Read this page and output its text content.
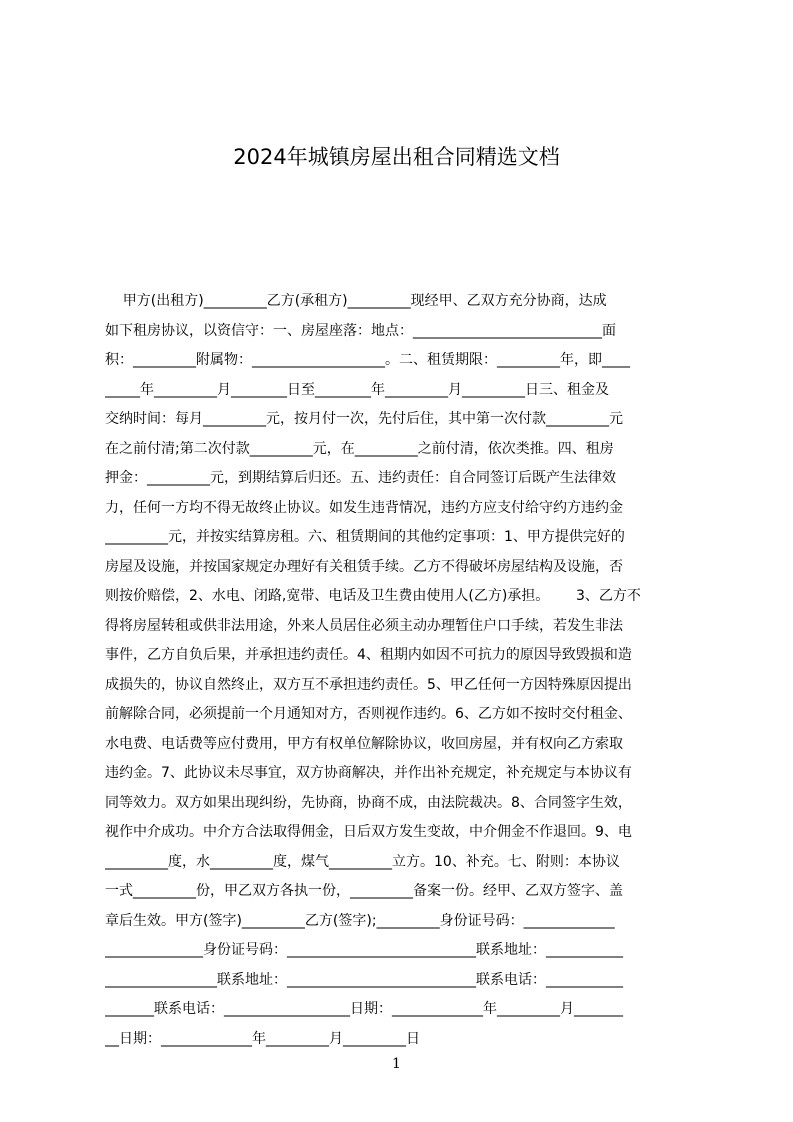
2024年城镇房屋出租合同精选文档
甲方(出租方)_________乙方(承租方)_________现经甲、乙双方充分协商，达成
如下租房协议，以资信守：一、房屋座落：地点：___________________________面
积：_________附属物：___________________。二、租赁期限：_________年，即____
_____年_________月________日至________年_________月_________日三、租金及
交纳时间：每月_________元，按月付一次，先付后住，其中第一次付款_________元
在之前付清;第二次付款_________元，在_________之前付清，依次类推。四、租房
押金：_________元，到期结算后归还。五、违约责任：自合同签订后既产生法律效
力，任何一方均不得无故终止协议。如发生违背情况，违约方应支付给守约方违约金
_________元，并按实结算房租。六、租赁期间的其他约定事项：1、甲方提供完好的
房屋及设施，并按国家规定办理好有关租赁手续。乙方不得破坏房屋结构及设施，否
则按价赔偿，2、水电、闭路,宽带、电话及卫生费由使用人(乙方)承担。      3、乙方不
得将房屋转租或供非法用途，外来人员居住必须主动办理暂住户口手续，若发生非法
事件，乙方自负后果，并承担违约责任。4、租期内如因不可抗力的原因导致毁损和造
成损失的，协议自然终止，双方互不承担违约责任。5、甲乙任何一方因特殊原因提出
前解除合同，必须提前一个月通知对方，否则视作违约。6、乙方如不按时交付租金、
水电费、电话费等应付费用，甲方有权单位解除协议，收回房屋，并有权向乙方索取
违约金。7、此协议未尽事宜，双方协商解决，并作出补充规定，补充规定与本协议有
同等效力。双方如果出现纠纷，先协商，协商不成，由法院裁决。8、合同签字生效，
视作中介成功。中介方合法取得佣金，日后双方发生变故，中介佣金不作退回。9、电
_________度，水_________度，煤气_________立方。10、补充。七、附则：本协议
一式_________份，甲乙双方各执一份，_________备案一份。经甲、乙双方签字、盖
章后生效。甲方(签字)_________乙方(签字);_________身份证号码：_____________
______________身份证号码：___________________________联系地址：___________
________________联系地址：___________________________联系电话：___________
_______联系电话：__________________日期：_____________年_________月_______
__日期：_____________年_________月_________日
1
